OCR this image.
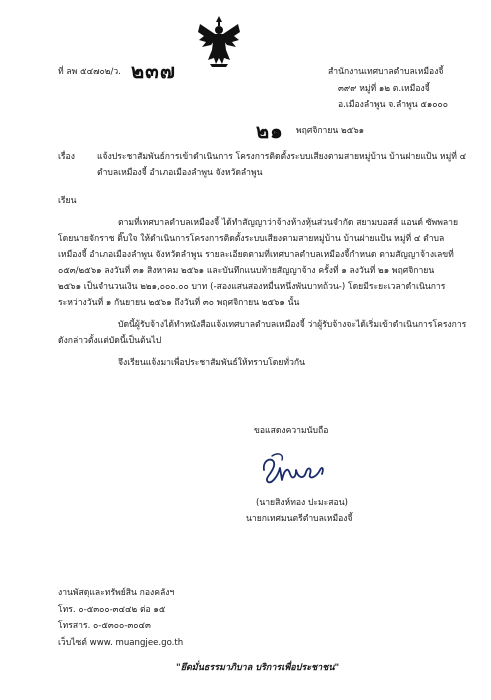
ที่ ลพ ๕๔๗๐๒/ว. ๒๓๗	สำนักงานเทศบาลตำบลเหมืองจี้
๓๙๙ หมู่ที่ ๑๒ ต.เหมืองจี้
อ.เมืองลำพูน จ.ลำพูน ๕๑๐๐๐
๒๑ พฤศจิกายน ๒๕๖๑
เรื่อง	แจ้งประชาสัมพันธ์การเข้าดำเนินการ โครงการติดตั้งระบบเสียงตามสายหมู่บ้าน บ้านฝายแป้น หมู่ที่ ๔
ตำบลเหมืองจี้ อำเภอเมืองลำพูน จังหวัดลำพูน
เรียน
ตามที่เทศบาลตำบลเหมืองจี้ ได้ทำสัญญาว่าจ้างห้างหุ้นส่วนจำกัด สยามบอสส์ แอนด์ ซัพพลาย
โดยนายจักราช ติ๊บใจ ให้ดำเนินการโครงการติดตั้งระบบเสียงตามสายหมู่บ้าน บ้านฝายแป้น หมู่ที่ ๔ ตำบล
เหมืองจี้ อำเภอเมืองลำพูน จังหวัดลำพูน รายละเอียดตามที่เทศบาลตำบลเหมืองจี้กำหนด ตามสัญญาจ้างเลขที่
๐๕๓/๒๕๖๑ ลงวันที่ ๓๑ สิงหาคม ๒๕๖๑ และบันทึกแนบท้ายสัญญาจ้าง ครั้งที่ ๑ ลงวันที่ ๒๑ พฤศจิกายน
๒๕๖๑ เป็นจำนวนเงิน ๒๒๑,๐๐๐.๐๐ บาท (-สองแสนสองหมื่นหนึ่งพันบาทถ้วน-) โดยมีระยะเวลาดำเนินการ
ระหว่างวันที่ ๑ กันยายน ๒๕๖๑ ถึงวันที่ ๓๐ พฤศจิกายน ๒๕๖๑ นั้น
บัดนี้ผู้รับจ้างได้ทำหนังสือแจ้งเทศบาลตำบลเหมืองจี้ ว่าผู้รับจ้างจะได้เริ่มเข้าดำเนินการโครงการ
ดังกล่าวตั้งแต่บัดนี้เป็นต้นไป
จึงเรียนแจ้งมาเพื่อประชาสัมพันธ์ให้ทราบโดยทั่วกัน
ขอแสดงความนับถือ
(นายสิงห์ทอง ปะมะสอน)
นายกเทศมนตรีตำบลเหมืองจี้
งานพัสดุและทรัพย์สิน กองคลังฯ
โทร. ๐-๕๓๐๐-๓๔๔๒ ต่อ ๑๕
โทรสาร. ๐-๕๓๐๐-๓๐๔๓
เว็บไซต์ www. muangjee.go.th
"ยึดมั่นธรรมาภิบาล บริการเพื่อประชาชน"
